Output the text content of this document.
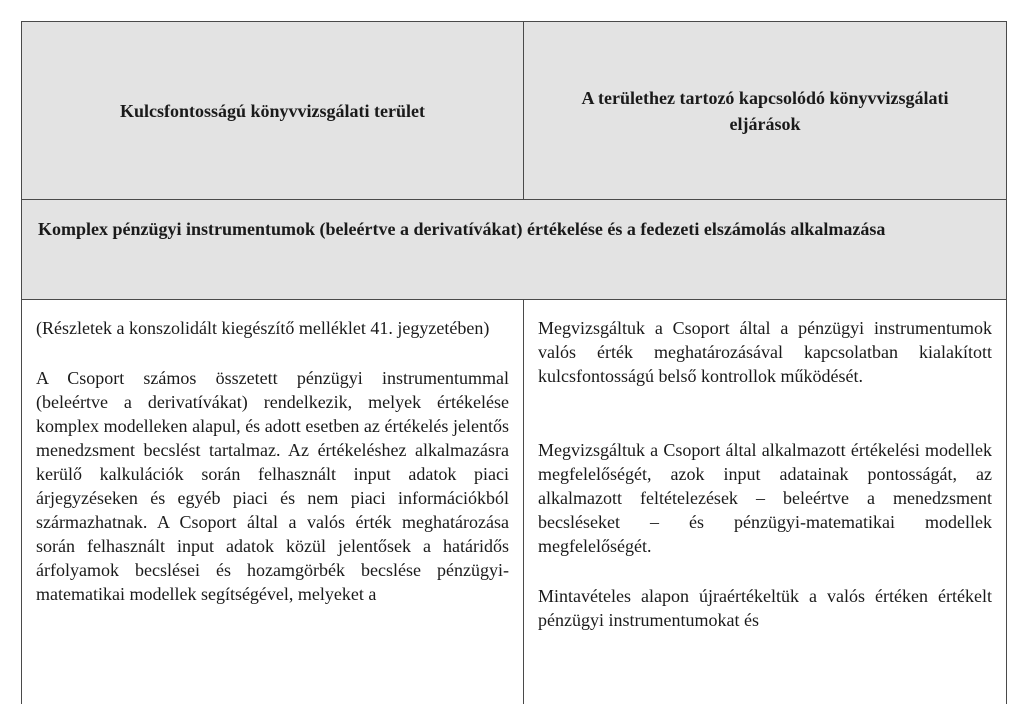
Kulcsfontosságú könyvvizsgálati terület
A területhez tartozó kapcsolódó könyvvizsgálati eljárások
Komplex pénzügyi instrumentumok (beleértve a derivatívákat) értékelése és a fedezeti elszámolás alkalmazása

(Részletek a konszolidált kiegészítő melléklet 41. jegyzetében)

A Csoport számos összetett pénzügyi instrumentummal (beleértve a derivatívákat) rendelkezik, melyek értékelése komplex modelleken alapul, és adott esetben az értékelés jelentős menedzsment becslést tartalmaz. Az értékeléshez alkalmazásra kerülő kalkulációk során felhasznált input adatok piaci árjegyzéseken és egyéb piaci és nem piaci információkból származhatnak. A Csoport által a valós érték meghatározása során felhasznált input adatok közül jelentősek a határidős árfolyamok becslései és hozamgörbék becslése pénzügyi-matematikai modellek segítségével, melyeket a

Megvizsgáltuk a Csoport által a pénzügyi instrumentumok valós érték meghatározásával kapcsolatban kialakított kulcsfontosságú belső kontrollok működését.

Megvizsgáltuk a Csoport által alkalmazott értékelési modellek megfelelőségét, azok input adatainak pontosságát, az alkalmazott feltételezések – beleértve a menedzsment becsléseket – és pénzügyi-matematikai modellek megfelelőségét.

Mintavételes alapon újraértékeltük a valós értéken értékelt pénzügyi instrumentumokat és
